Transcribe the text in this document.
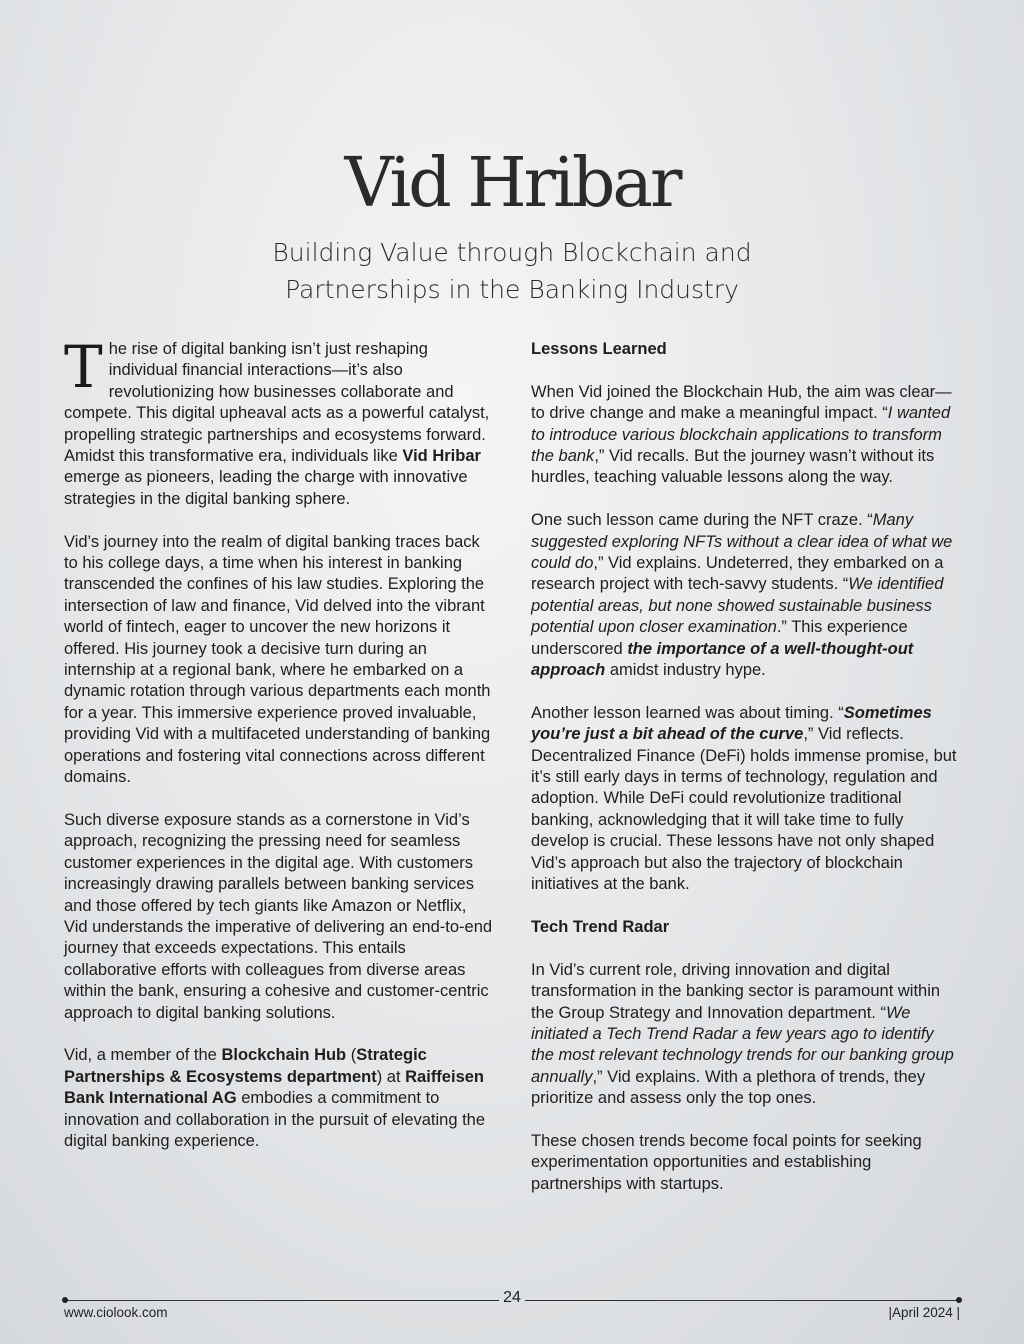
Vid Hribar
Building Value through Blockchain and
Partnerships in the Banking Industry

The rise of digital banking isn’t just reshaping individual financial interactions—it’s also revolutionizing how businesses collaborate and compete. This digital upheaval acts as a powerful catalyst, propelling strategic partnerships and ecosystems forward. Amidst this transformative era, individuals like Vid Hribar emerge as pioneers, leading the charge with innovative strategies in the digital banking sphere.

Vid’s journey into the realm of digital banking traces back to his college days, a time when his interest in banking transcended the confines of his law studies. Exploring the intersection of law and finance, Vid delved into the vibrant world of fintech, eager to uncover the new horizons it offered. His journey took a decisive turn during an internship at a regional bank, where he embarked on a dynamic rotation through various departments each month for a year. This immersive experience proved invaluable, providing Vid with a multifaceted understanding of banking operations and fostering vital connections across different domains.

Such diverse exposure stands as a cornerstone in Vid’s approach, recognizing the pressing need for seamless customer experiences in the digital age. With customers increasingly drawing parallels between banking services and those offered by tech giants like Amazon or Netflix, Vid understands the imperative of delivering an end-to-end journey that exceeds expectations. This entails collaborative efforts with colleagues from diverse areas within the bank, ensuring a cohesive and customer-centric approach to digital banking solutions.

Vid, a member of the Blockchain Hub (Strategic Partnerships & Ecosystems department) at Raiffeisen Bank International AG embodies a commitment to innovation and collaboration in the pursuit of elevating the digital banking experience.

Lessons Learned

When Vid joined the Blockchain Hub, the aim was clear—to drive change and make a meaningful impact. “I wanted to introduce various blockchain applications to transform the bank,” Vid recalls. But the journey wasn’t without its hurdles, teaching valuable lessons along the way.

One such lesson came during the NFT craze. “Many suggested exploring NFTs without a clear idea of what we could do,” Vid explains. Undeterred, they embarked on a research project with tech-savvy students. “We identified potential areas, but none showed sustainable business potential upon closer examination.” This experience underscored the importance of a well-thought-out approach amidst industry hype.

Another lesson learned was about timing. “Sometimes you’re just a bit ahead of the curve,” Vid reflects. Decentralized Finance (DeFi) holds immense promise, but it’s still early days in terms of technology, regulation and adoption. While DeFi could revolutionize traditional banking, acknowledging that it will take time to fully develop is crucial. These lessons have not only shaped Vid’s approach but also the trajectory of blockchain initiatives at the bank.

Tech Trend Radar

In Vid’s current role, driving innovation and digital transformation in the banking sector is paramount within the Group Strategy and Innovation department. “We initiated a Tech Trend Radar a few years ago to identify the most relevant technology trends for our banking group annually,” Vid explains. With a plethora of trends, they prioritize and assess only the top ones.

These chosen trends become focal points for seeking experimentation opportunities and establishing partnerships with startups.

24
www.ciolook.com	|April 2024 |
